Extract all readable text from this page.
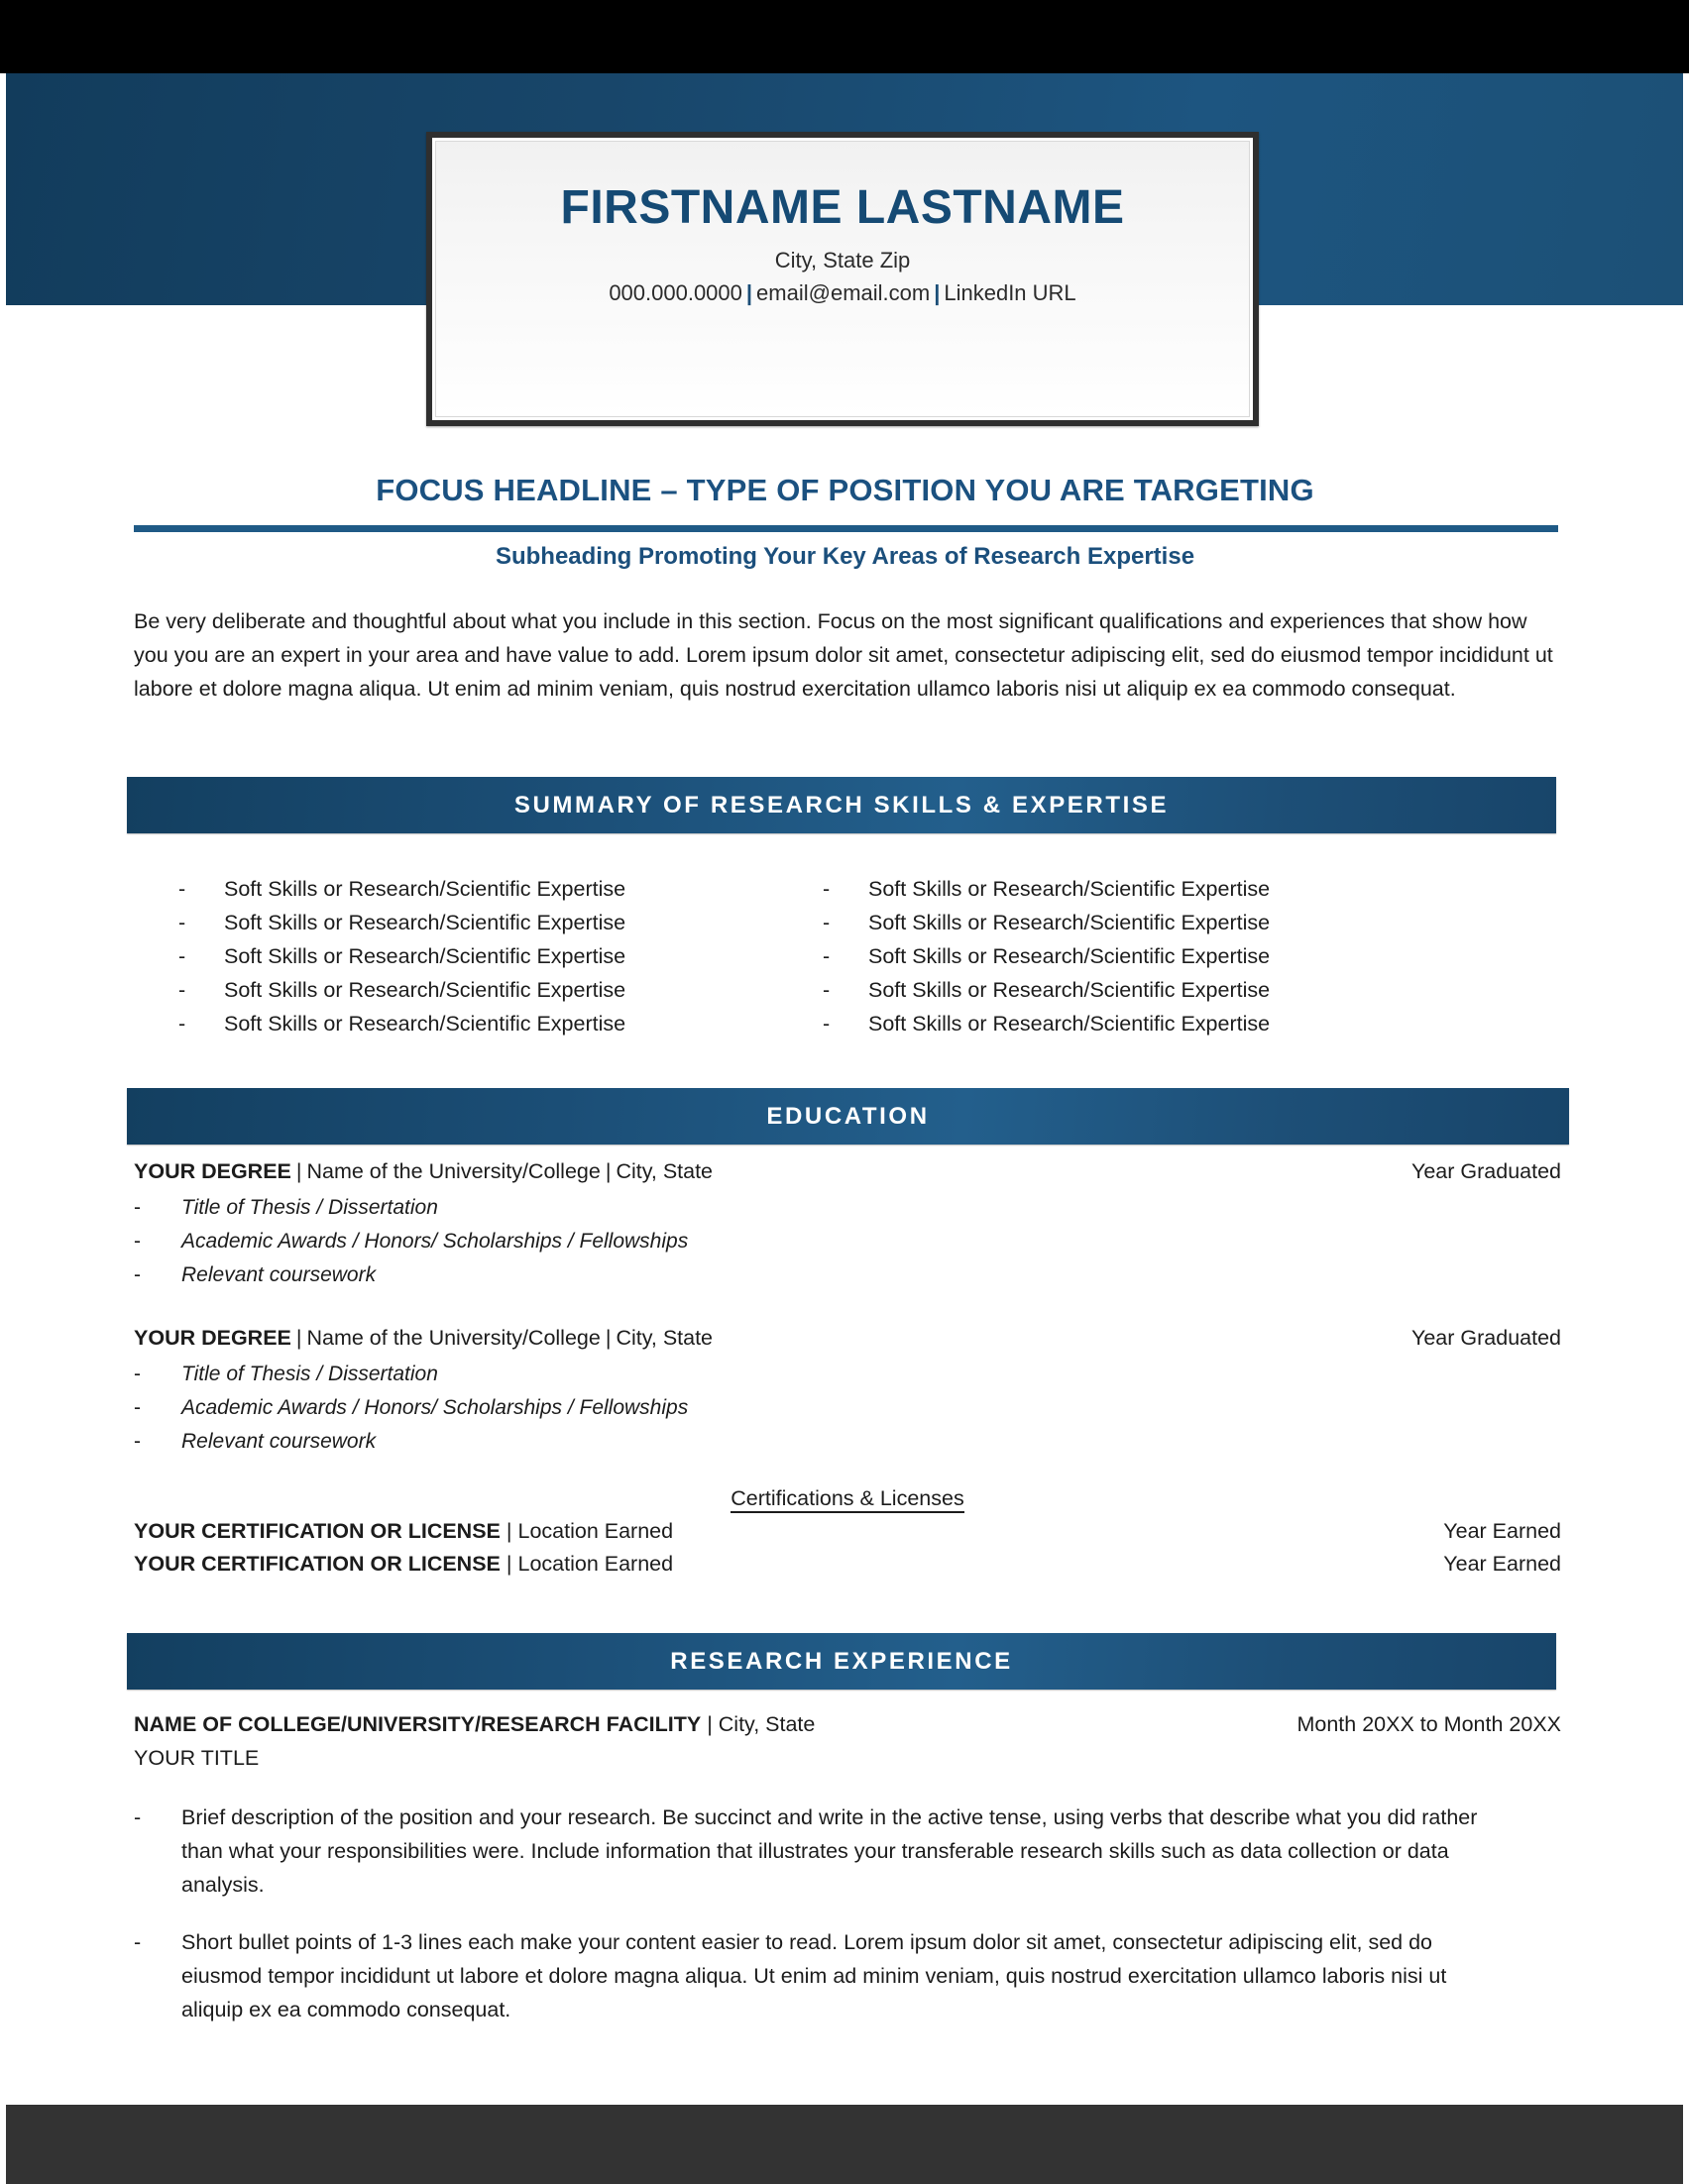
FIRSTNAME LASTNAME
City, State Zip
000.000.0000 | email@email.com | LinkedIn URL
FOCUS HEADLINE – TYPE OF POSITION YOU ARE TARGETING
Subheading Promoting Your Key Areas of Research Expertise
Be very deliberate and thoughtful about what you include in this section. Focus on the most significant qualifications and experiences that show how you you are an expert in your area and have value to add. Lorem ipsum dolor sit amet, consectetur adipiscing elit, sed do eiusmod tempor incididunt ut labore et dolore magna aliqua. Ut enim ad minim veniam, quis nostrud exercitation ullamco laboris nisi ut aliquip ex ea commodo consequat.
SUMMARY OF RESEARCH SKILLS & EXPERTISE
-	Soft Skills or Research/Scientific Expertise
-	Soft Skills or Research/Scientific Expertise
-	Soft Skills or Research/Scientific Expertise
-	Soft Skills or Research/Scientific Expertise
-	Soft Skills or Research/Scientific Expertise
-	Soft Skills or Research/Scientific Expertise
-	Soft Skills or Research/Scientific Expertise
-	Soft Skills or Research/Scientific Expertise
-	Soft Skills or Research/Scientific Expertise
-	Soft Skills or Research/Scientific Expertise
EDUCATION
YOUR DEGREE | Name of the University/College | City, State	Year Graduated
-	Title of Thesis / Dissertation
-	Academic Awards / Honors/ Scholarships / Fellowships
-	Relevant coursework
YOUR DEGREE | Name of the University/College | City, State	Year Graduated
-	Title of Thesis / Dissertation
-	Academic Awards / Honors/ Scholarships / Fellowships
-	Relevant coursework
Certifications & Licenses
YOUR CERTIFICATION OR LICENSE | Location Earned	Year Earned
YOUR CERTIFICATION OR LICENSE | Location Earned	Year Earned
RESEARCH EXPERIENCE
NAME OF COLLEGE/UNIVERSITY/RESEARCH FACILITY | City, State	Month 20XX to Month 20XX
YOUR TITLE
-	Brief description of the position and your research. Be succinct and write in the active tense, using verbs that describe what you did rather than what your responsibilities were. Include information that illustrates your transferable research skills such as data collection or data analysis.
-	Short bullet points of 1-3 lines each make your content easier to read. Lorem ipsum dolor sit amet, consectetur adipiscing elit, sed do eiusmod tempor incididunt ut labore et dolore magna aliqua. Ut enim ad minim veniam, quis nostrud exercitation ullamco laboris nisi ut aliquip ex ea commodo consequat.
